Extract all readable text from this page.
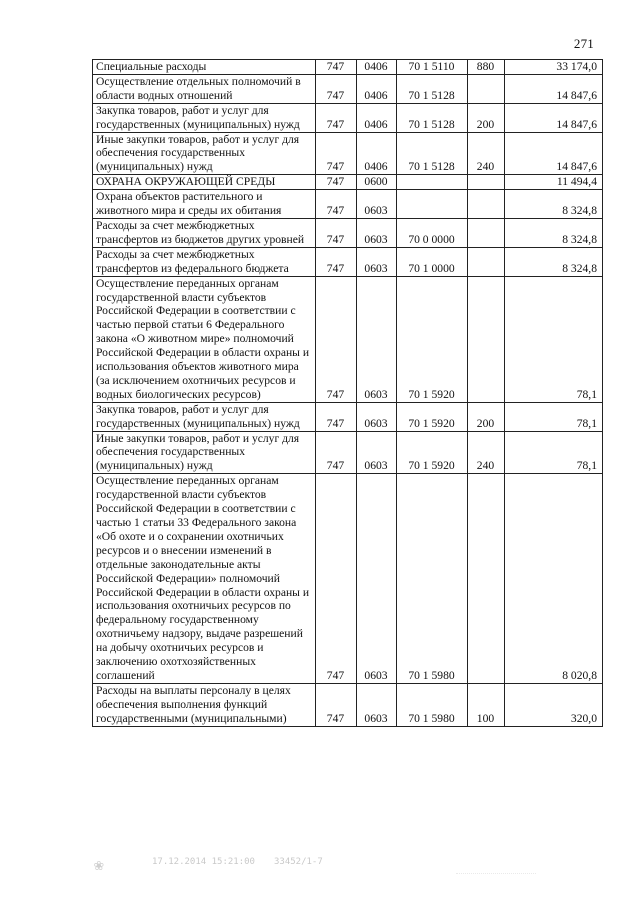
271
Специальные расходы	747	0406	70 1 5110	880	33 174,0
Осуществление отдельных полномочий в области водных отношений	747	0406	70 1 5128		14 847,6
Закупка товаров, работ и услуг для государственных (муниципальных) нужд	747	0406	70 1 5128	200	14 847,6
Иные закупки товаров, работ и услуг для обеспечения государственных (муниципальных) нужд	747	0406	70 1 5128	240	14 847,6
ОХРАНА ОКРУЖАЮЩЕЙ СРЕДЫ	747	0600			11 494,4
Охрана объектов растительного и животного мира и среды их обитания	747	0603			8 324,8
Расходы за счет межбюджетных трансфертов из бюджетов других уровней	747	0603	70 0 0000		8 324,8
Расходы за счет межбюджетных трансфертов из федерального бюджета	747	0603	70 1 0000		8 324,8
Осуществление переданных органам государственной власти субъектов Российской Федерации в соответствии с частью первой статьи 6 Федерального закона «О животном мире» полномочий Российской Федерации в области охраны и использования объектов животного мира (за исключением охотничьих ресурсов и водных биологических ресурсов)	747	0603	70 1 5920		78,1
Закупка товаров, работ и услуг для государственных (муниципальных) нужд	747	0603	70 1 5920	200	78,1
Иные закупки товаров, работ и услуг для обеспечения государственных (муниципальных) нужд	747	0603	70 1 5920	240	78,1
Осуществление переданных органам государственной власти субъектов Российской Федерации в соответствии с частью 1 статьи 33 Федерального закона «Об охоте и о сохранении охотничьих ресурсов и о внесении изменений в отдельные законодательные акты Российской Федерации» полномочий Российской Федерации в области охраны и использования охотничьих ресурсов по федеральному государственному охотничьему надзору, выдаче разрешений на добычу охотничьих ресурсов и заключению охотхозяйственных соглашений	747	0603	70 1 5980		8 020,8
Расходы на выплаты персоналу в целях обеспечения выполнения функций государственными (муниципальными)	747	0603	70 1 5980	100	320,0
❀	17.12.2014 15:21:00 33452/1-7
